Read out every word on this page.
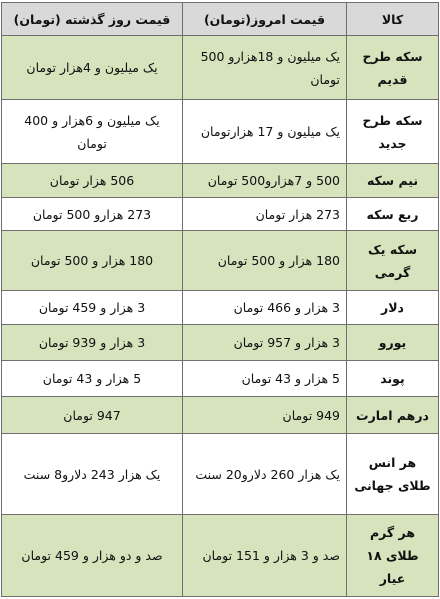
کالا	قیمت امروز(تومان)	قیمت روز گذشته (تومان)
سکه طرح قدیم	یک میلیون و 18هزارو 500 تومان	یک میلیون و 4هزار تومان
سکه طرح جدید	یک میلیون و 17 هزارتومان	یک میلیون و 6هزار و 400 تومان
نیم سکه	500 و 7هزارو500 تومان	506 هزار تومان
ربع سکه	273 هزار تومان	273 هزارو 500 تومان
سکه یک گرمی	180 هزار و 500 تومان	180 هزار و 500 تومان
دلار	3 هزار و 466 تومان	3 هزار و 459 تومان
یورو	3 هزار و 957 تومان	3 هزار و 939 تومان
پوند	5 هزار و 43 تومان	5 هزار و 43 تومان
درهم امارت	949 تومان	947 تومان
هر انس طلای جهانی	یک هزار 260 دلارو20 سنت	یک هزار 243 دلارو8 سنت
هر گرم طلای ۱۸ عیار	صد و 3 هزار و 151 تومان	صد و دو هزار و 459 تومان
